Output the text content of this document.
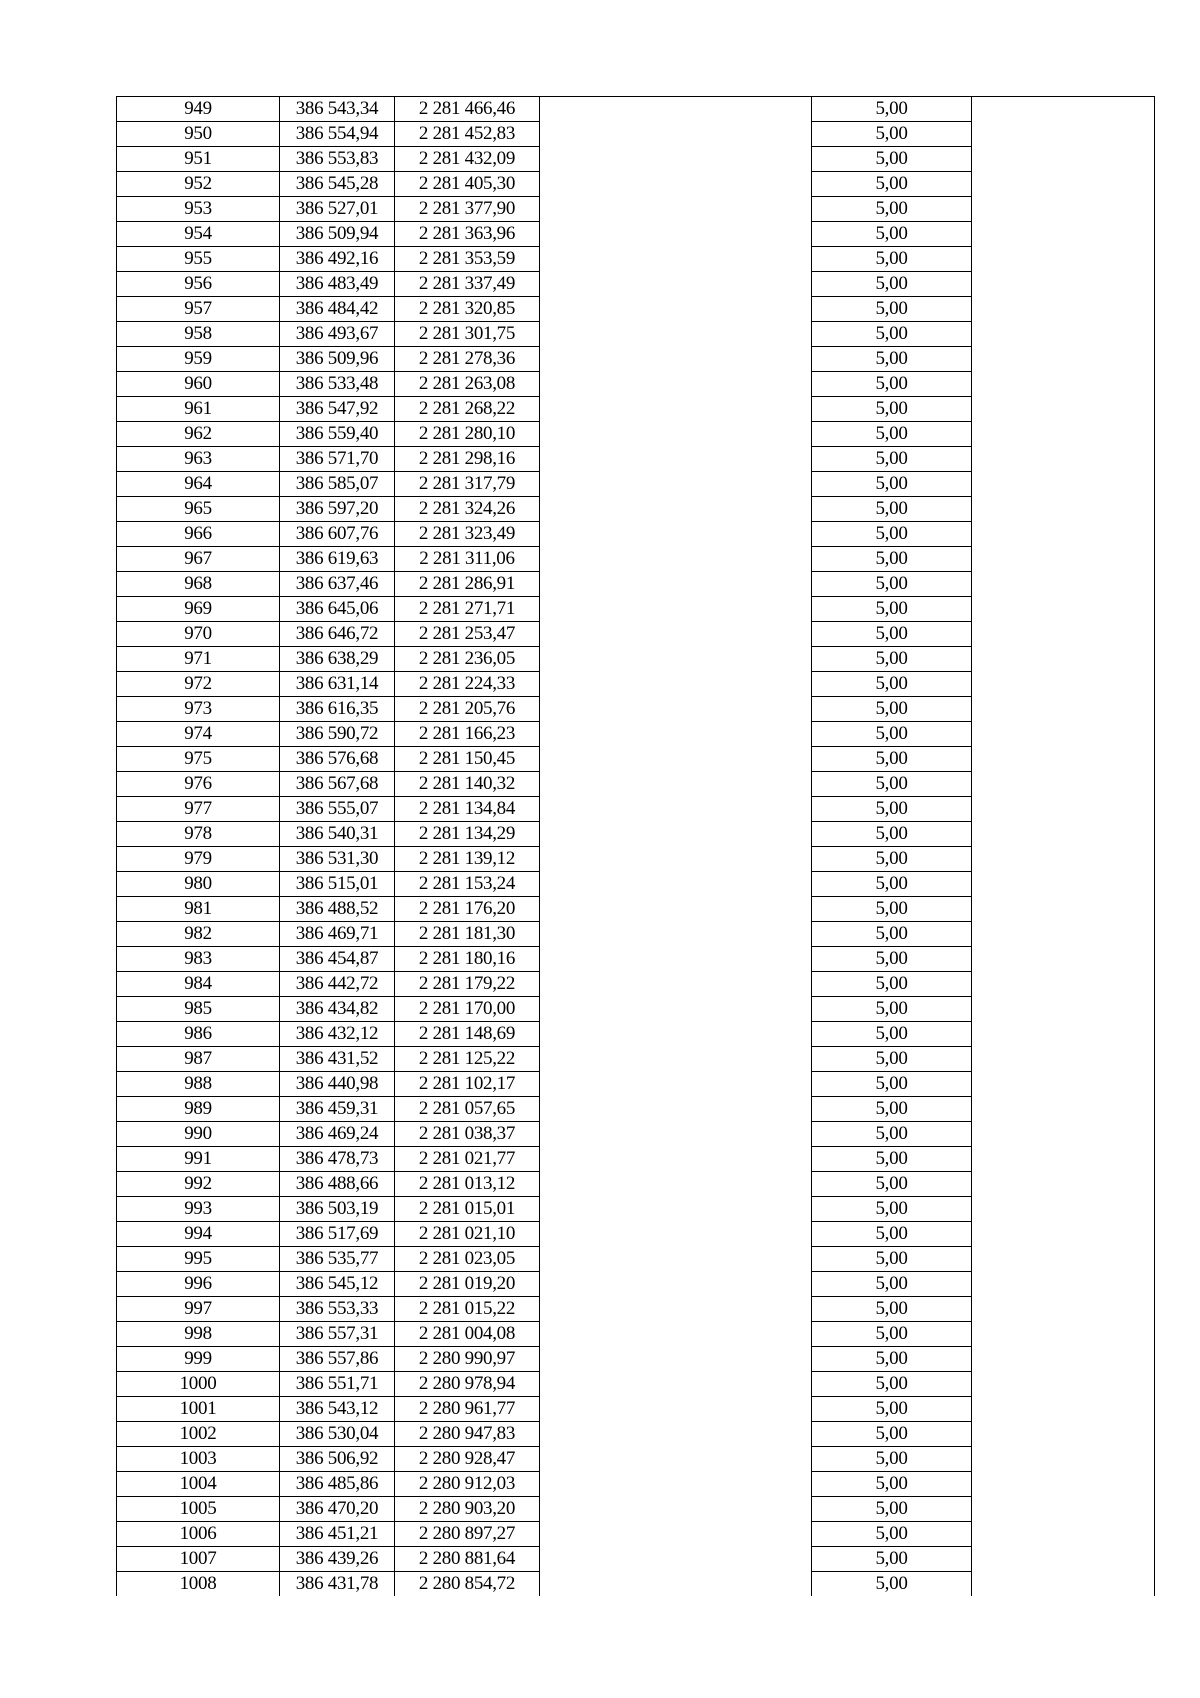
949	386 543,34	2 281 466,46		5,00	
950	386 554,94	2 281 452,83		5,00	
951	386 553,83	2 281 432,09		5,00	
952	386 545,28	2 281 405,30		5,00	
953	386 527,01	2 281 377,90		5,00	
954	386 509,94	2 281 363,96		5,00	
955	386 492,16	2 281 353,59		5,00	
956	386 483,49	2 281 337,49		5,00	
957	386 484,42	2 281 320,85		5,00	
958	386 493,67	2 281 301,75		5,00	
959	386 509,96	2 281 278,36		5,00	
960	386 533,48	2 281 263,08		5,00	
961	386 547,92	2 281 268,22		5,00	
962	386 559,40	2 281 280,10		5,00	
963	386 571,70	2 281 298,16		5,00	
964	386 585,07	2 281 317,79		5,00	
965	386 597,20	2 281 324,26		5,00	
966	386 607,76	2 281 323,49		5,00	
967	386 619,63	2 281 311,06		5,00	
968	386 637,46	2 281 286,91		5,00	
969	386 645,06	2 281 271,71		5,00	
970	386 646,72	2 281 253,47		5,00	
971	386 638,29	2 281 236,05		5,00	
972	386 631,14	2 281 224,33		5,00	
973	386 616,35	2 281 205,76		5,00	
974	386 590,72	2 281 166,23		5,00	
975	386 576,68	2 281 150,45		5,00	
976	386 567,68	2 281 140,32		5,00	
977	386 555,07	2 281 134,84		5,00	
978	386 540,31	2 281 134,29		5,00	
979	386 531,30	2 281 139,12		5,00	
980	386 515,01	2 281 153,24		5,00	
981	386 488,52	2 281 176,20		5,00	
982	386 469,71	2 281 181,30		5,00	
983	386 454,87	2 281 180,16		5,00	
984	386 442,72	2 281 179,22		5,00	
985	386 434,82	2 281 170,00		5,00	
986	386 432,12	2 281 148,69		5,00	
987	386 431,52	2 281 125,22		5,00	
988	386 440,98	2 281 102,17		5,00	
989	386 459,31	2 281 057,65		5,00	
990	386 469,24	2 281 038,37		5,00	
991	386 478,73	2 281 021,77		5,00	
992	386 488,66	2 281 013,12		5,00	
993	386 503,19	2 281 015,01		5,00	
994	386 517,69	2 281 021,10		5,00	
995	386 535,77	2 281 023,05		5,00	
996	386 545,12	2 281 019,20		5,00	
997	386 553,33	2 281 015,22		5,00	
998	386 557,31	2 281 004,08		5,00	
999	386 557,86	2 280 990,97		5,00	
1000	386 551,71	2 280 978,94		5,00	
1001	386 543,12	2 280 961,77		5,00	
1002	386 530,04	2 280 947,83		5,00	
1003	386 506,92	2 280 928,47		5,00	
1004	386 485,86	2 280 912,03		5,00	
1005	386 470,20	2 280 903,20		5,00	
1006	386 451,21	2 280 897,27		5,00	
1007	386 439,26	2 280 881,64		5,00	
1008	386 431,78	2 280 854,72		5,00	
